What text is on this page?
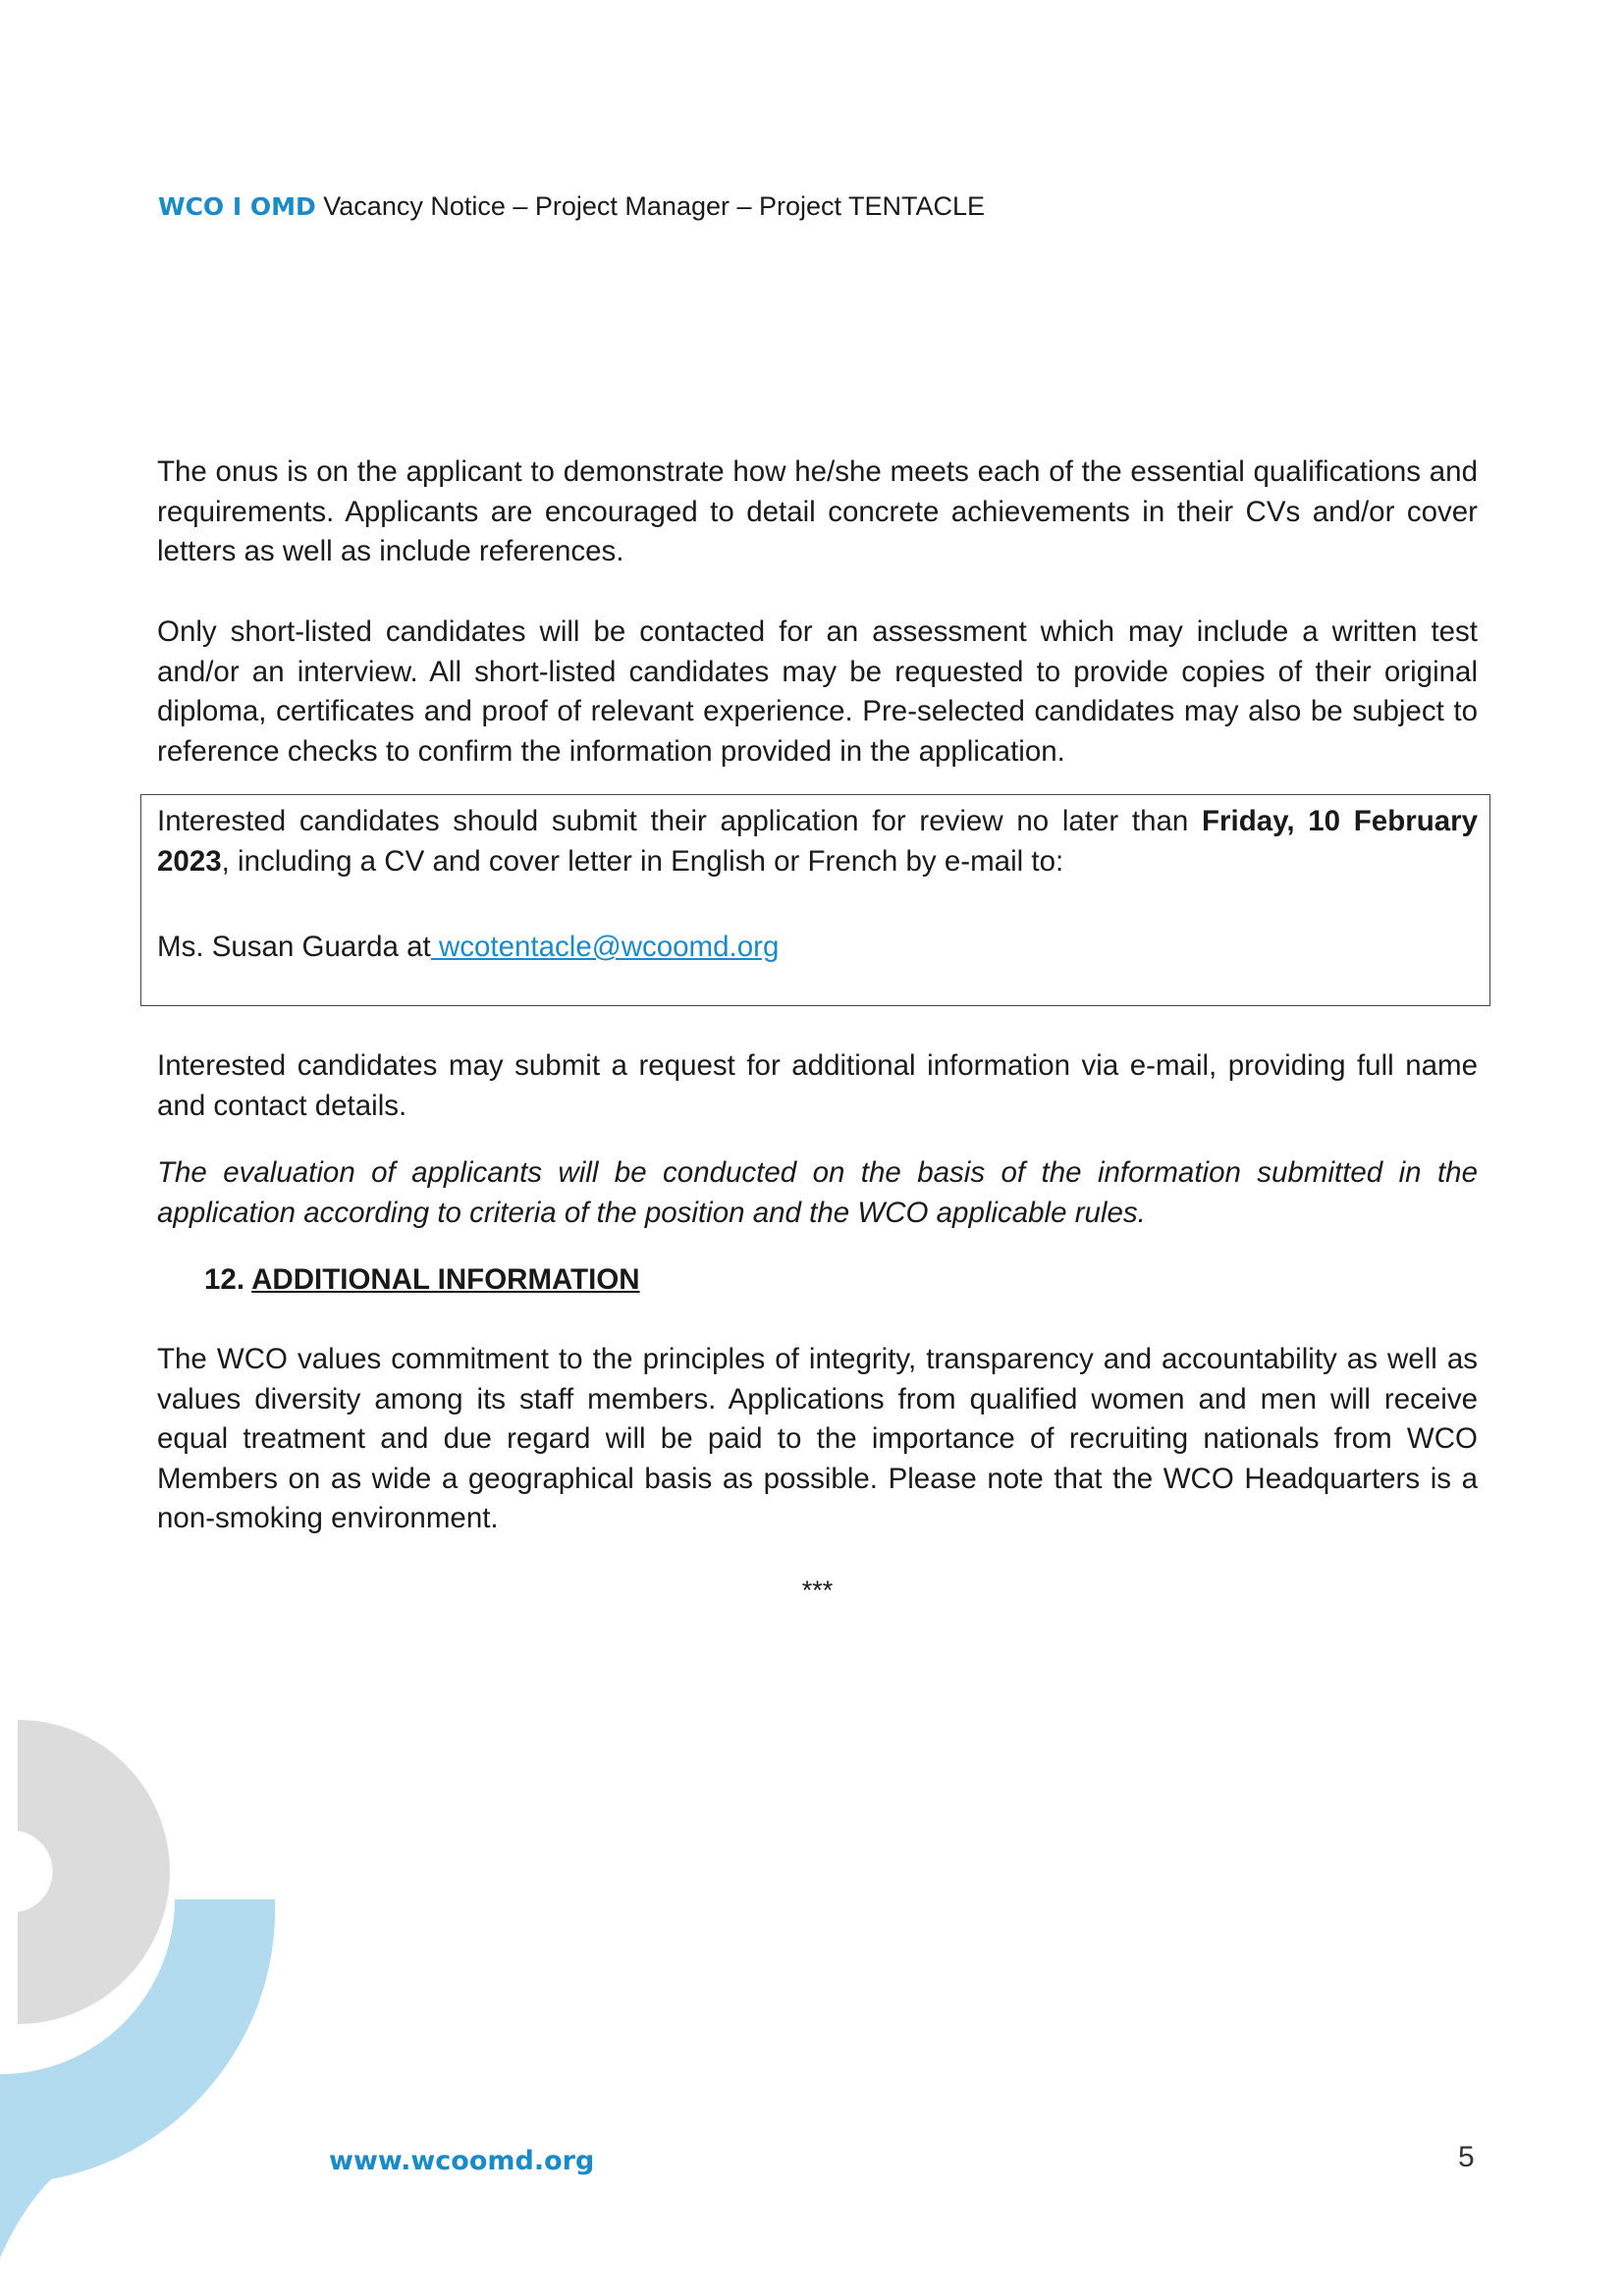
WCO I OMD Vacancy Notice – Project Manager – Project TENTACLE

The onus is on the applicant to demonstrate how he/she meets each of the essential qualifications and requirements. Applicants are encouraged to detail concrete achievements in their CVs and/or cover letters as well as include references.

Only short-listed candidates will be contacted for an assessment which may include a written test and/or an interview. All short-listed candidates may be requested to provide copies of their original diploma, certificates and proof of relevant experience. Pre-selected candidates may also be subject to reference checks to confirm the information provided in the application.

Interested candidates should submit their application for review no later than Friday, 10 February 2023, including a CV and cover letter in English or French by e-mail to:
Ms. Susan Guarda at wcotentacle@wcoomd.org

Interested candidates may submit a request for additional information via e-mail, providing full name and contact details.

The evaluation of applicants will be conducted on the basis of the information submitted in the application according to criteria of the position and the WCO applicable rules.

12. ADDITIONAL INFORMATION

The WCO values commitment to the principles of integrity, transparency and accountability as well as values diversity among its staff members. Applications from qualified women and men will receive equal treatment and due regard will be paid to the importance of recruiting nationals from WCO Members on as wide a geographical basis as possible. Please note that the WCO Headquarters is a non-smoking environment.

***
www.wcoomd.org	5
